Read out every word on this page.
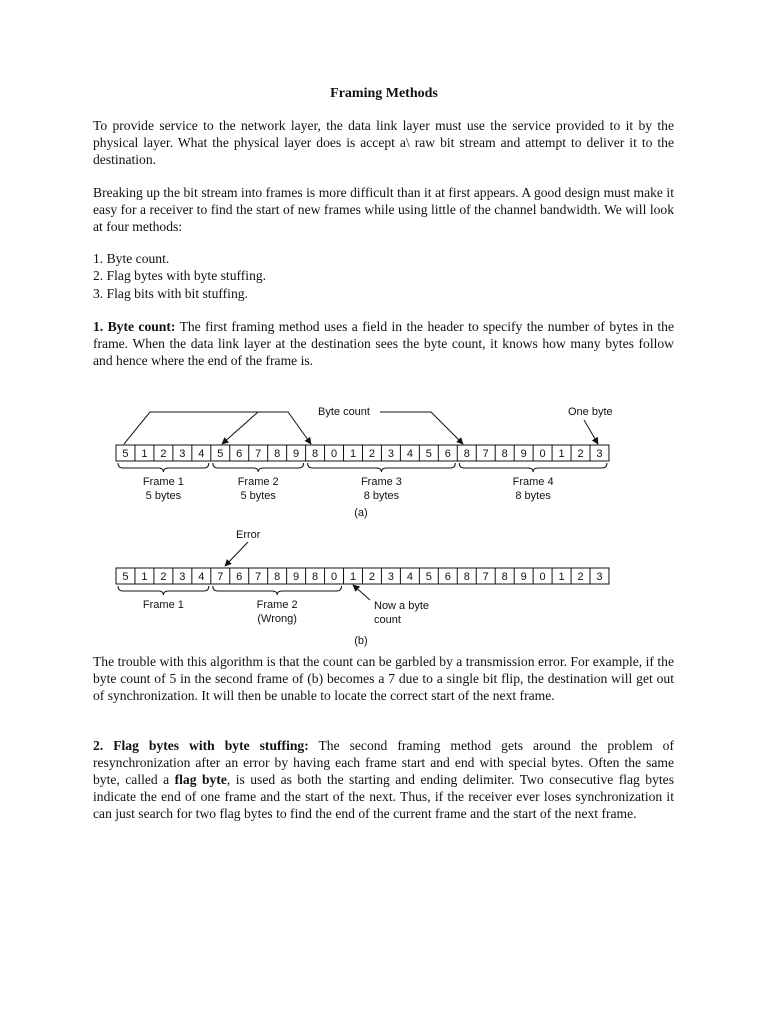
Framing Methods

To provide service to the network layer, the data link layer must use the service provided to it by the physical layer. What the physical layer does is accept a\ raw bit stream and attempt to deliver it to the destination.

Breaking up the bit stream into frames is more difficult than it at first appears. A good design must make it easy for a receiver to find the start of new frames while using little of the channel bandwidth. We will look at four methods:

1. Byte count.
2. Flag bytes with byte stuffing.
3. Flag bits with bit stuffing.

1. Byte count: The first framing method uses a field in the header to specify the number of bytes in the frame. When the data link layer at the destination sees the byte count, it knows how many bytes follow and hence where the end of the frame is.

Byte count	One byte
5 1 2 3 4 5 6 7 8 9 8 0 1 2 3 4 5 6 8 7 8 9 0 1 2 3
Frame 1
5 bytes
Frame 2
5 bytes
Frame 3
8 bytes
Frame 4
8 bytes
(a)
Error
5 1 2 3 4 7 6 7 8 9 8 0 1 2 3 4 5 6 8 7 8 9 0 1 2 3
Frame 1	Frame 2
(Wrong)
Now a byte
count
(b)

The trouble with this algorithm is that the count can be garbled by a transmission error. For example, if the byte count of 5 in the second frame of (b) becomes a 7 due to a single bit flip, the destination will get out of synchronization. It will then be unable to locate the correct start of the next frame.

2. Flag bytes with byte stuffing: The second framing method gets around the problem of resynchronization after an error by having each frame start and end with special bytes. Often the same byte, called a flag byte, is used as both the starting and ending delimiter. Two consecutive flag bytes indicate the end of one frame and the start of the next. Thus, if the receiver ever loses synchronization it can just search for two flag bytes to find the end of the current frame and the start of the next frame.
